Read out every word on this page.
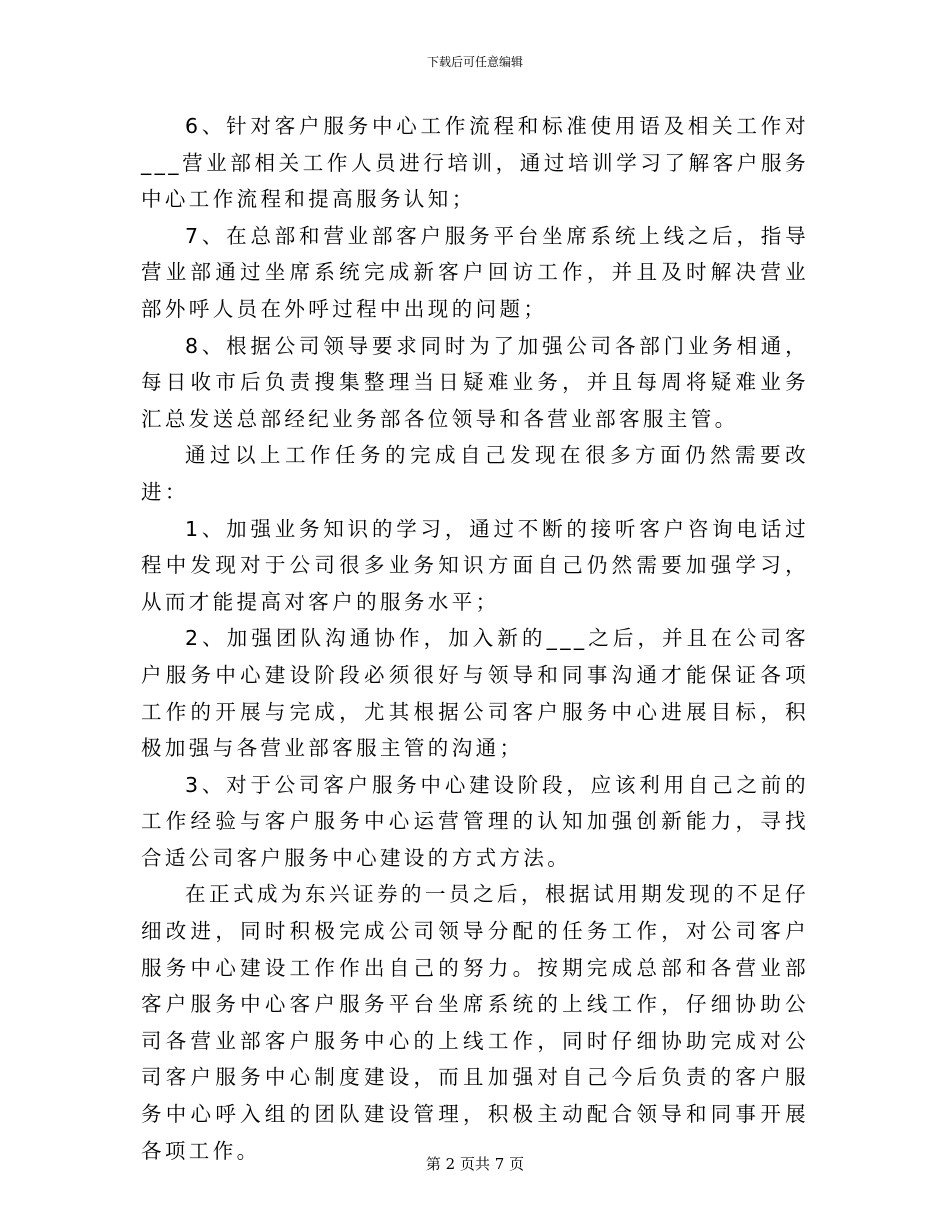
下载后可任意编辑

6、针对客户服务中心工作流程和标准使用语及相关工作对___营业部相关工作人员进行培训，通过培训学习了解客户服务中心工作流程和提高服务认知；

7、在总部和营业部客户服务平台坐席系统上线之后，指导营业部通过坐席系统完成新客户回访工作，并且及时解决营业部外呼人员在外呼过程中出现的问题；

8、根据公司领导要求同时为了加强公司各部门业务相通，每日收市后负责搜集整理当日疑难业务，并且每周将疑难业务汇总发送总部经纪业务部各位领导和各营业部客服主管。

通过以上工作任务的完成自己发现在很多方面仍然需要改进：

1、加强业务知识的学习，通过不断的接听客户咨询电话过程中发现对于公司很多业务知识方面自己仍然需要加强学习，从而才能提高对客户的服务水平；

2、加强团队沟通协作，加入新的___之后，并且在公司客户服务中心建设阶段必须很好与领导和同事沟通才能保证各项工作的开展与完成，尤其根据公司客户服务中心进展目标，积极加强与各营业部客服主管的沟通；

3、对于公司客户服务中心建设阶段，应该利用自己之前的工作经验与客户服务中心运营管理的认知加强创新能力，寻找合适公司客户服务中心建设的方式方法。

在正式成为东兴证券的一员之后，根据试用期发现的不足仔细改进，同时积极完成公司领导分配的任务工作，对公司客户服务中心建设工作作出自己的努力。按期完成总部和各营业部客户服务中心客户服务平台坐席系统的上线工作，仔细协助公司各营业部客户服务中心的上线工作，同时仔细协助完成对公司客户服务中心制度建设，而且加强对自己今后负责的客户服务中心呼入组的团队建设管理，积极主动配合领导和同事开展各项工作。

第 2 页共 7 页
